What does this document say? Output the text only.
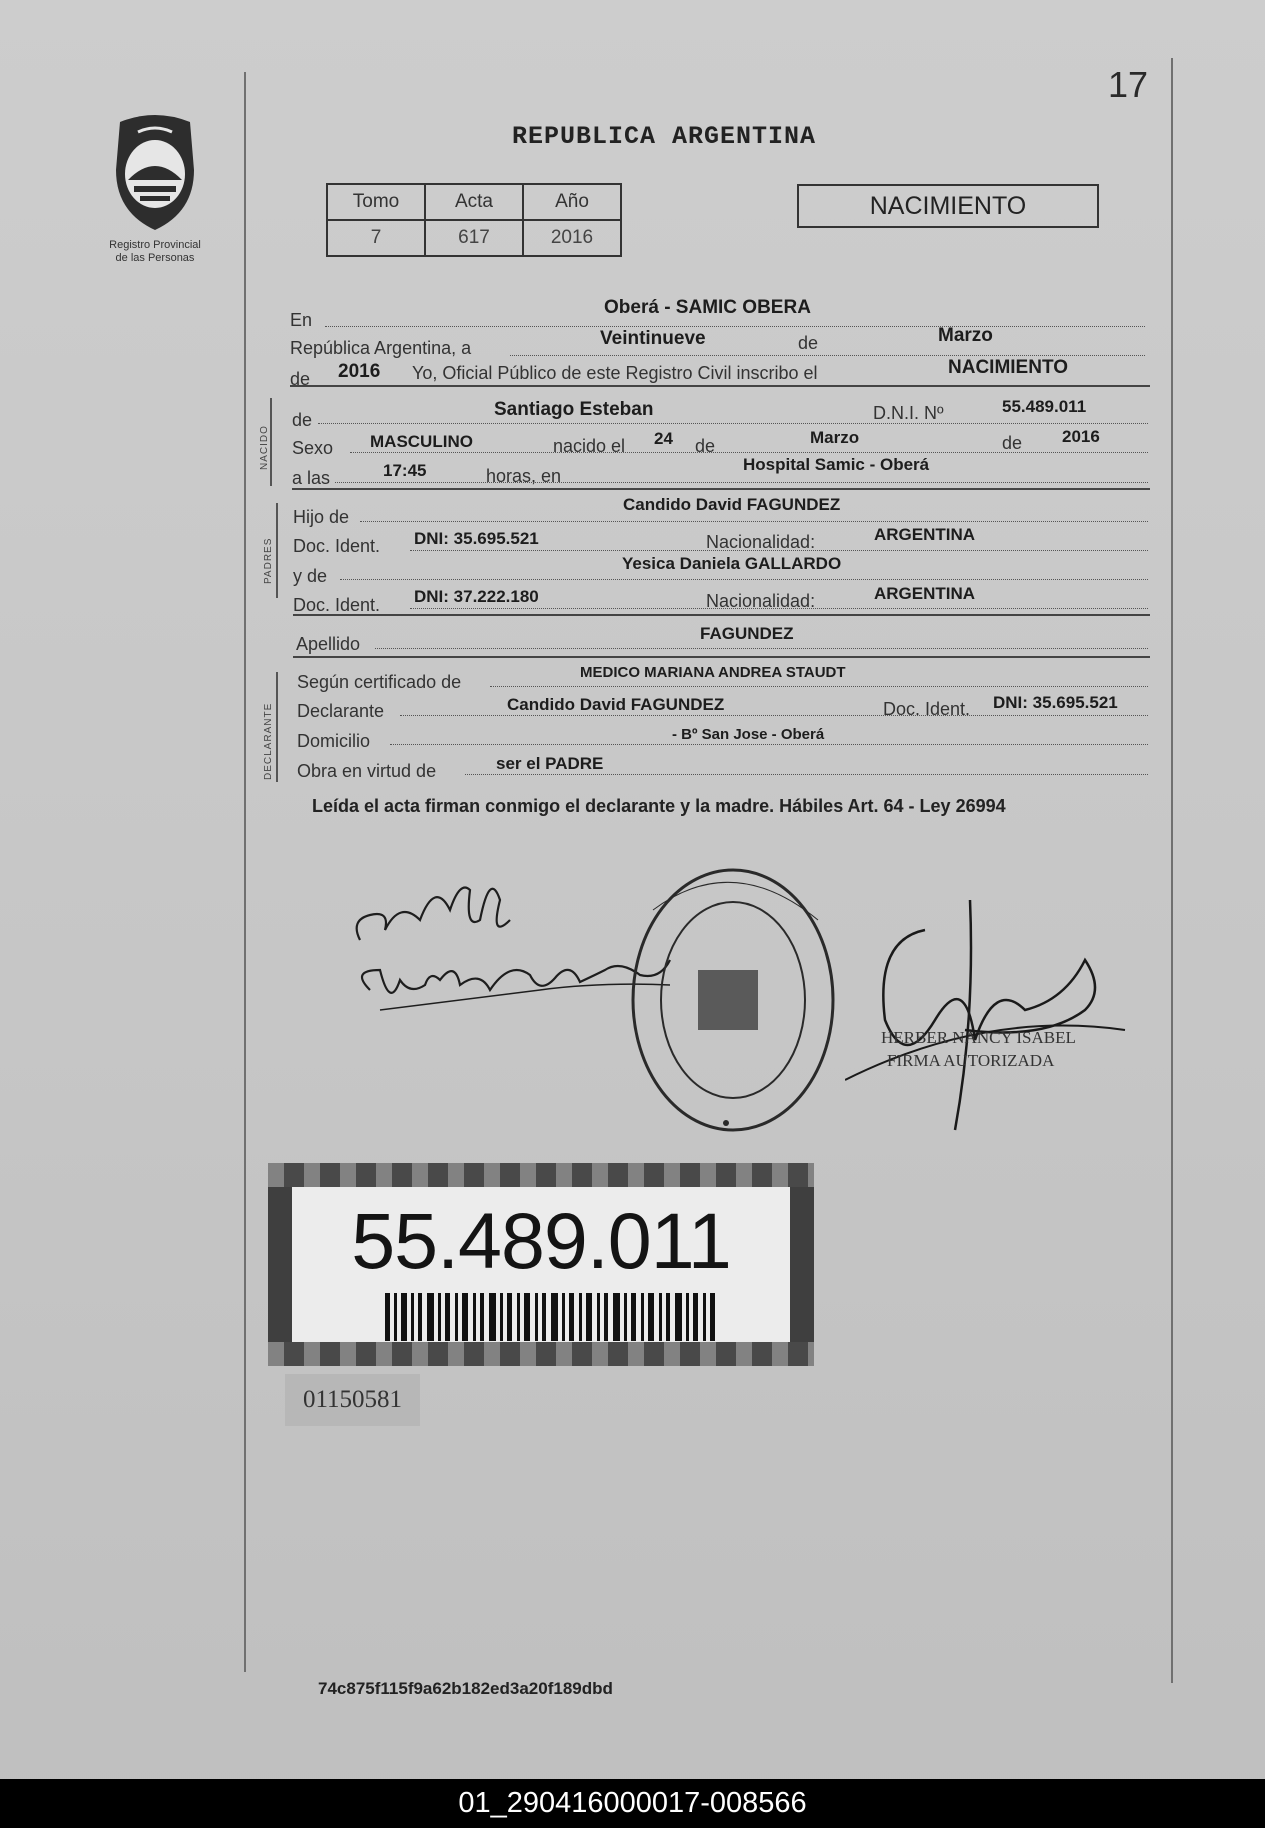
17
Registro Provincial
de las Personas
REPUBLICA ARGENTINA
Tomo	Acta	Año
7	617	2016
NACIMIENTO
En
Oberá - SAMIC OBERA
República Argentina, a	Veintinueve	de	Marzo
de 2016 Yo, Oficial Público de este Registro Civil inscribo el	NACIMIENTO
NACIDO
de	Santiago Esteban	D.N.I. Nº	55.489.011
Sexo MASCULINO	nacido el 24 de	Marzo	de 2016
a las	17:45	horas, en
Hospital Samic - Oberá
PADRES
Hijo de
Candido David FAGUNDEZ
Doc. Ident. DNI: 35.695.521	Nacionalidad:	ARGENTINA
y de
Yesica Daniela GALLARDO
Doc. Ident. DNI: 37.222.180	Nacionalidad:	ARGENTINA
Apellido
FAGUNDEZ
DECLARANTE
Según certificado de	MEDICO MARIANA ANDREA STAUDT
Declarante	Candido David FAGUNDEZ	Doc. Ident. DNI: 35.695.521
Domicilio	- Bº San Jose - Oberá
Obra en virtud de	ser el PADRE
Leída el acta firman conmigo el declarante y la madre. Hábiles Art. 64 - Ley 26994
HERBER NANCY ISABEL
FIRMA AUTORIZADA
55.489.011
01150581
74c875f115f9a62b182ed3a20f189dbd
01_290416000017-008566
